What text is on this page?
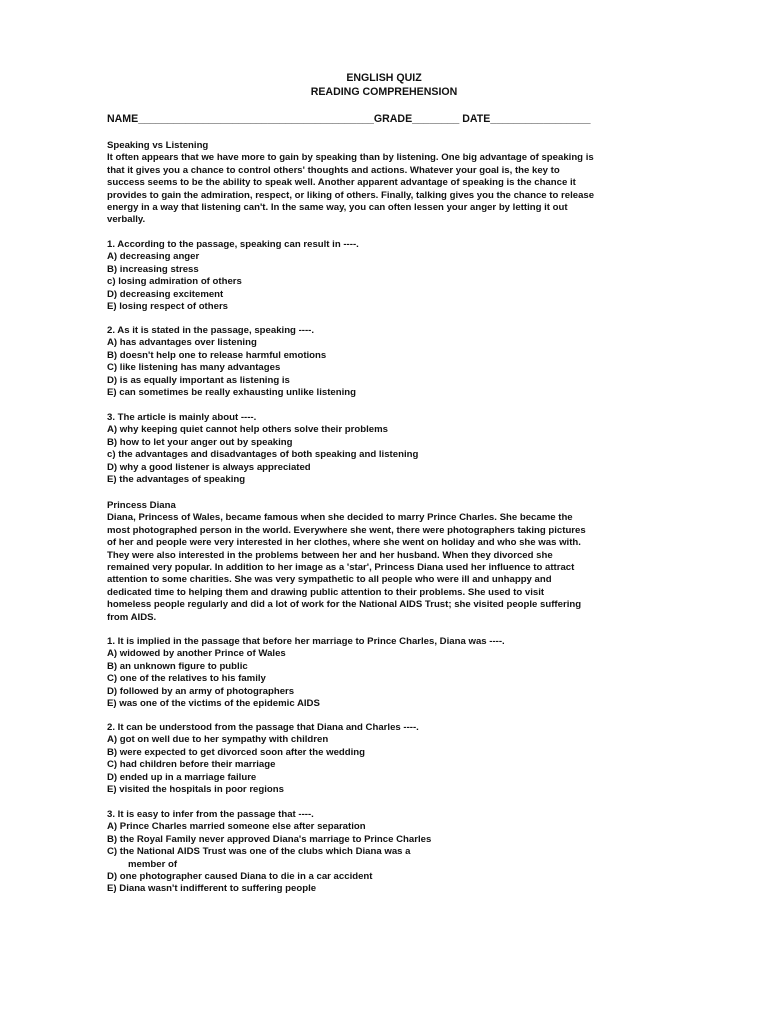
ENGLISH QUIZ
READING COMPREHENSION
NAME________________________________________GRADE________ DATE_________________
Speaking vs Listening
It often appears that we have more to gain by speaking than by listening. One big advantage of speaking is
that it gives you a chance to control others' thoughts and actions. Whatever your goal is, the key to
success seems to be the ability to speak well. Another apparent advantage of speaking is the chance it
provides to gain the admiration, respect, or liking of others. Finally, talking gives you the chance to release
energy in a way that listening can't. In the same way, you can often lessen your anger by letting it out
verbally.
1. According to the passage, speaking can result in ----.
A) decreasing anger
B) increasing stress
c) losing admiration of others
D) decreasing excitement
E) losing respect of others
2. As it is stated in the passage, speaking ----.
A) has advantages over listening
B) doesn't help one to release harmful emotions
C) like listening has many advantages
D) is as equally important as listening is
E) can sometimes be really exhausting unlike listening
3. The article is mainly about ----.
A) why keeping quiet cannot help others solve their problems
B) how to let your anger out by speaking
c) the advantages and disadvantages of both speaking and listening
D) why a good listener is always appreciated
E) the advantages of speaking
Princess Diana
Diana, Princess of Wales, became famous when she decided to marry Prince Charles. She became the
most photographed person in the world. Everywhere she went, there were photographers taking pictures
of her and people were very interested in her clothes, where she went on holiday and who she was with.
They were also interested in the problems between her and her husband. When they divorced she
remained very popular. In addition to her image as a 'star', Princess Diana used her influence to attract
attention to some charities. She was very sympathetic to all people who were ill and unhappy and
dedicated time to helping them and drawing public attention to their problems. She used to visit
homeless people regularly and did a lot of work for the National AIDS Trust; she visited people suffering
from AIDS.
1. It is implied in the passage that before her marriage to Prince Charles, Diana was ----.
A) widowed by another Prince of Wales
B) an unknown figure to public
C) one of the relatives to his family
D) followed by an army of photographers
E) was one of the victims of the epidemic AIDS
2. It can be understood from the passage that Diana and Charles ----.
A) got on well due to her sympathy with children
B) were expected to get divorced soon after the wedding
C) had children before their marriage
D) ended up in a marriage failure
E) visited the hospitals in poor regions
3. It is easy to infer from the passage that ----.
A) Prince Charles married someone else after separation
B) the Royal Family never approved Diana's marriage to Prince Charles
C) the National AIDS Trust was one of the clubs which Diana was a
member of
D) one photographer caused Diana to die in a car accident
E) Diana wasn't indifferent to suffering people
